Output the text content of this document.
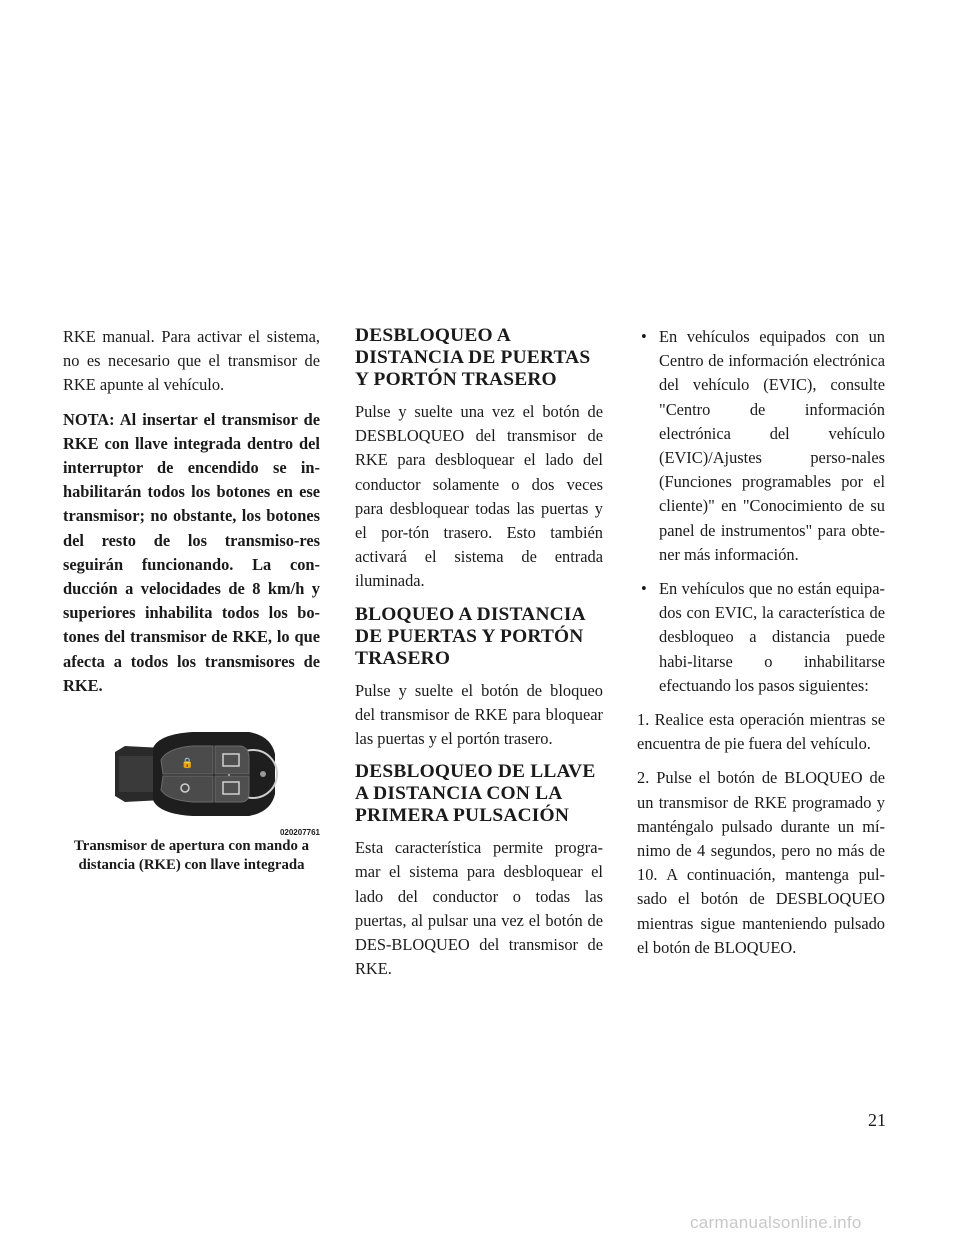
RKE manual. Para activar el sistema, no es necesario que el transmisor de RKE apunte al vehículo.

NOTA: Al insertar el transmisor de RKE con llave integrada dentro del interruptor de encendido se in-habilitarán todos los botones en ese transmisor; no obstante, los botones del resto de los transmiso-res seguirán funcionando. La con-ducción a velocidades de 8 km/h y superiores inhabilita todos los bo-tones del transmisor de RKE, lo que afecta a todos los transmisores de RKE.

🔒
020207761
Transmisor de apertura con mando a distancia (RKE) con llave integrada
DESBLOQUEO A DISTANCIA DE PUERTAS Y PORTÓN TRASERO

Pulse y suelte una vez el botón de DESBLOQUEO del transmisor de RKE para desbloquear el lado del conductor solamente o dos veces para desbloquear todas las puertas y el por-tón trasero. Esto también activará el sistema de entrada iluminada.

BLOQUEO A DISTANCIA DE PUERTAS Y PORTÓN TRASERO

Pulse y suelte el botón de bloqueo del transmisor de RKE para bloquear las puertas y el portón trasero.

DESBLOQUEO DE LLAVE A DISTANCIA CON LA PRIMERA PULSACIÓN

Esta característica permite progra-mar el sistema para desbloquear el lado del conductor o todas las puertas, al pulsar una vez el botón de DES-BLOQUEO del transmisor de RKE.

• En vehículos equipados con un Centro de información electrónica del vehículo (EVIC), consulte "Centro de información electrónica del vehículo (EVIC)/Ajustes perso-nales (Funciones programables por el cliente)" en "Conocimiento de su panel de instrumentos" para obte-ner más información.
• En vehículos que no están equipa-dos con EVIC, la característica de desbloqueo a distancia puede habi-litarse o inhabilitarse efectuando los pasos siguientes:

1. Realice esta operación mientras se encuentra de pie fuera del vehículo.

2. Pulse el botón de BLOQUEO de un transmisor de RKE programado y manténgalo pulsado durante un mí-nimo de 4 segundos, pero no más de 10. A continuación, mantenga pul-sado el botón de DESBLOQUEO mientras sigue manteniendo pulsado el botón de BLOQUEO.

21
carmanualsonline.info
